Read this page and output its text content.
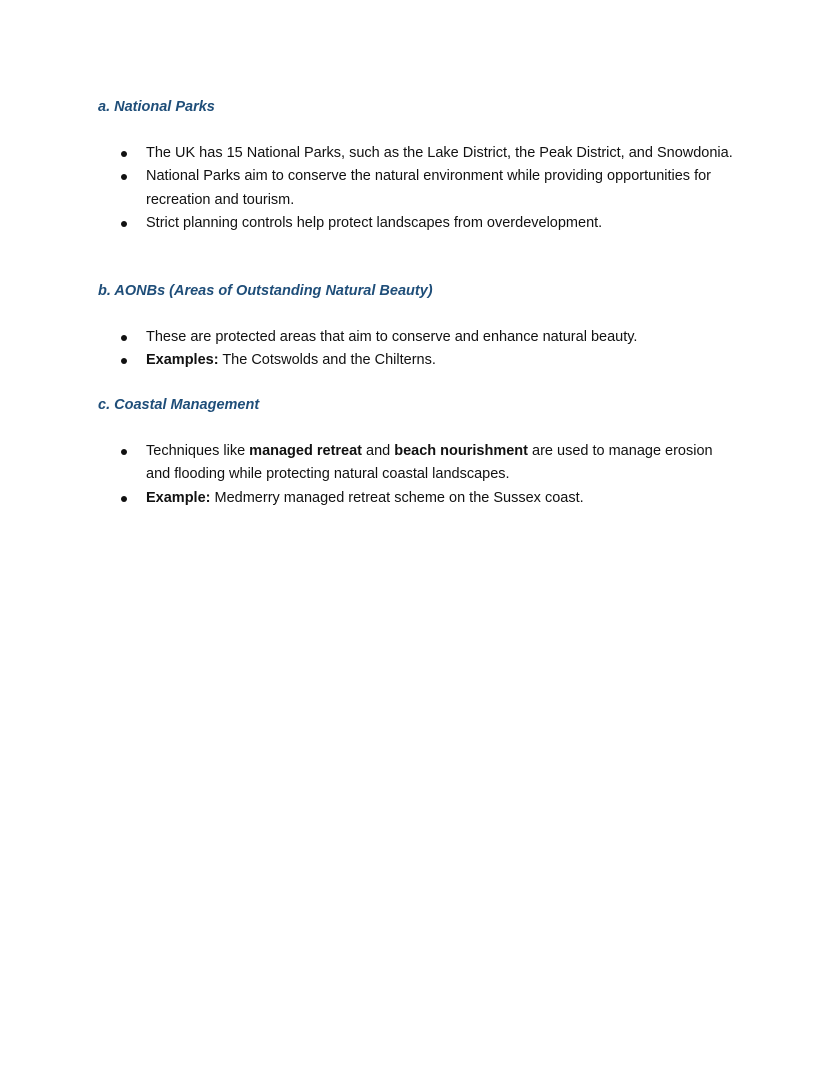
a. National Parks
The UK has 15 National Parks, such as the Lake District, the Peak District, and Snowdonia.
National Parks aim to conserve the natural environment while providing opportunities for recreation and tourism.
Strict planning controls help protect landscapes from overdevelopment.
b. AONBs (Areas of Outstanding Natural Beauty)
These are protected areas that aim to conserve and enhance natural beauty.
Examples: The Cotswolds and the Chilterns.
c. Coastal Management
Techniques like managed retreat and beach nourishment are used to manage erosion and flooding while protecting natural coastal landscapes.
Example: Medmerry managed retreat scheme on the Sussex coast.
